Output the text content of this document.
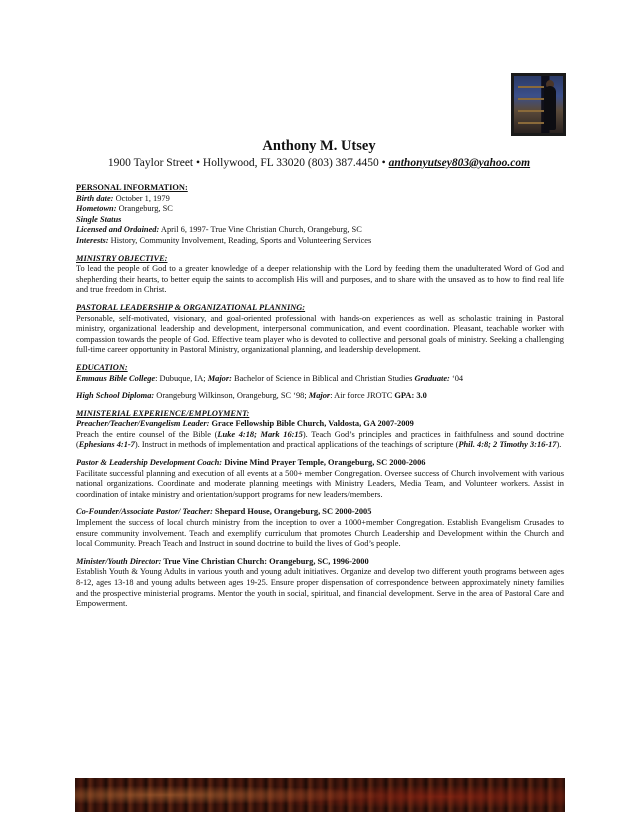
Anthony M. Utsey
1900 Taylor Street • Hollywood, FL 33020 (803) 387.4450 • anthonyutsey803@yahoo.com

PERSONAL INFORMATION:

Birth date: October 1, 1979

Hometown: Orangeburg, SC

Single Status

Licensed and Ordained: April 6, 1997- True Vine Christian Church, Orangeburg, SC

Interests: History, Community Involvement, Reading, Sports and Volunteering Services

MINISTRY OBJECTIVE:

To lead the people of God to a greater knowledge of a deeper relationship with the Lord by feeding them the unadulterated Word of God and shepherding their hearts, to better equip the saints to accomplish His will and purposes, and to share with the unsaved as to how to find real life and true freedom in Christ.

PASTORAL LEADERSHIP & ORGANIZATIONAL PLANNING:

Personable, self-motivated, visionary, and goal-oriented professional with hands-on experiences as well as scholastic training in Pastoral ministry, organizational leadership and development, interpersonal communication, and event coordination. Pleasant, teachable worker with compassion towards the people of God. Effective team player who is devoted to collective and personal goals of ministry. Seeking a challenging full-time career opportunity in Pastoral Ministry, organizational planning, and leadership development.

EDUCATION:

Emmaus Bible College: Dubuque, IA; Major: Bachelor of Science in Biblical and Christian Studies Graduate: ‘04

High School Diploma: Orangeburg Wilkinson, Orangeburg, SC ‘98; Major: Air force JROTC GPA: 3.0

MINISTERIAL EXPERIENCE/EMPLOYMENT:

Preacher/Teacher/Evangelism Leader: Grace Fellowship Bible Church, Valdosta, GA 2007-2009

Preach the entire counsel of the Bible (Luke 4:18; Mark 16:15). Teach God’s principles and practices in faithfulness and sound doctrine (Ephesians 4:1-7). Instruct in methods of implementation and practical applications of the teachings of scripture (Phil. 4:8; 2 Timothy 3:16-17).

Pastor & Leadership Development Coach: Divine Mind Prayer Temple, Orangeburg, SC 2000-2006

Facilitate successful planning and execution of all events at a 500+ member Congregation. Oversee success of Church involvement with various national organizations. Coordinate and moderate planning meetings with Ministry Leaders, Media Team, and Volunteer workers. Assist in coordination of intake ministry and orientation/support programs for new leaders/members.

Co-Founder/Associate Pastor/ Teacher: Shepard House, Orangeburg, SC 2000-2005

Implement the success of local church ministry from the inception to over a 1000+member Congregation. Establish Evangelism Crusades to ensure community involvement. Teach and exemplify curriculum that promotes Church Leadership and Development within the Church and local Community. Preach Teach and Instruct in sound doctrine to build the lives of God’s people.

Minister/Youth Director: True Vine Christian Church: Orangeburg, SC, 1996-2000

Establish Youth & Young Adults in various youth and young adult initiatives. Organize and develop two different youth programs between ages 8-12, ages 13-18 and young adults between ages 19-25. Ensure proper dispensation of correspondence between approximately ninety families and the prospective ministerial programs. Mentor the youth in social, spiritual, and financial development. Serve in the area of Pastoral Care and Empowerment.
